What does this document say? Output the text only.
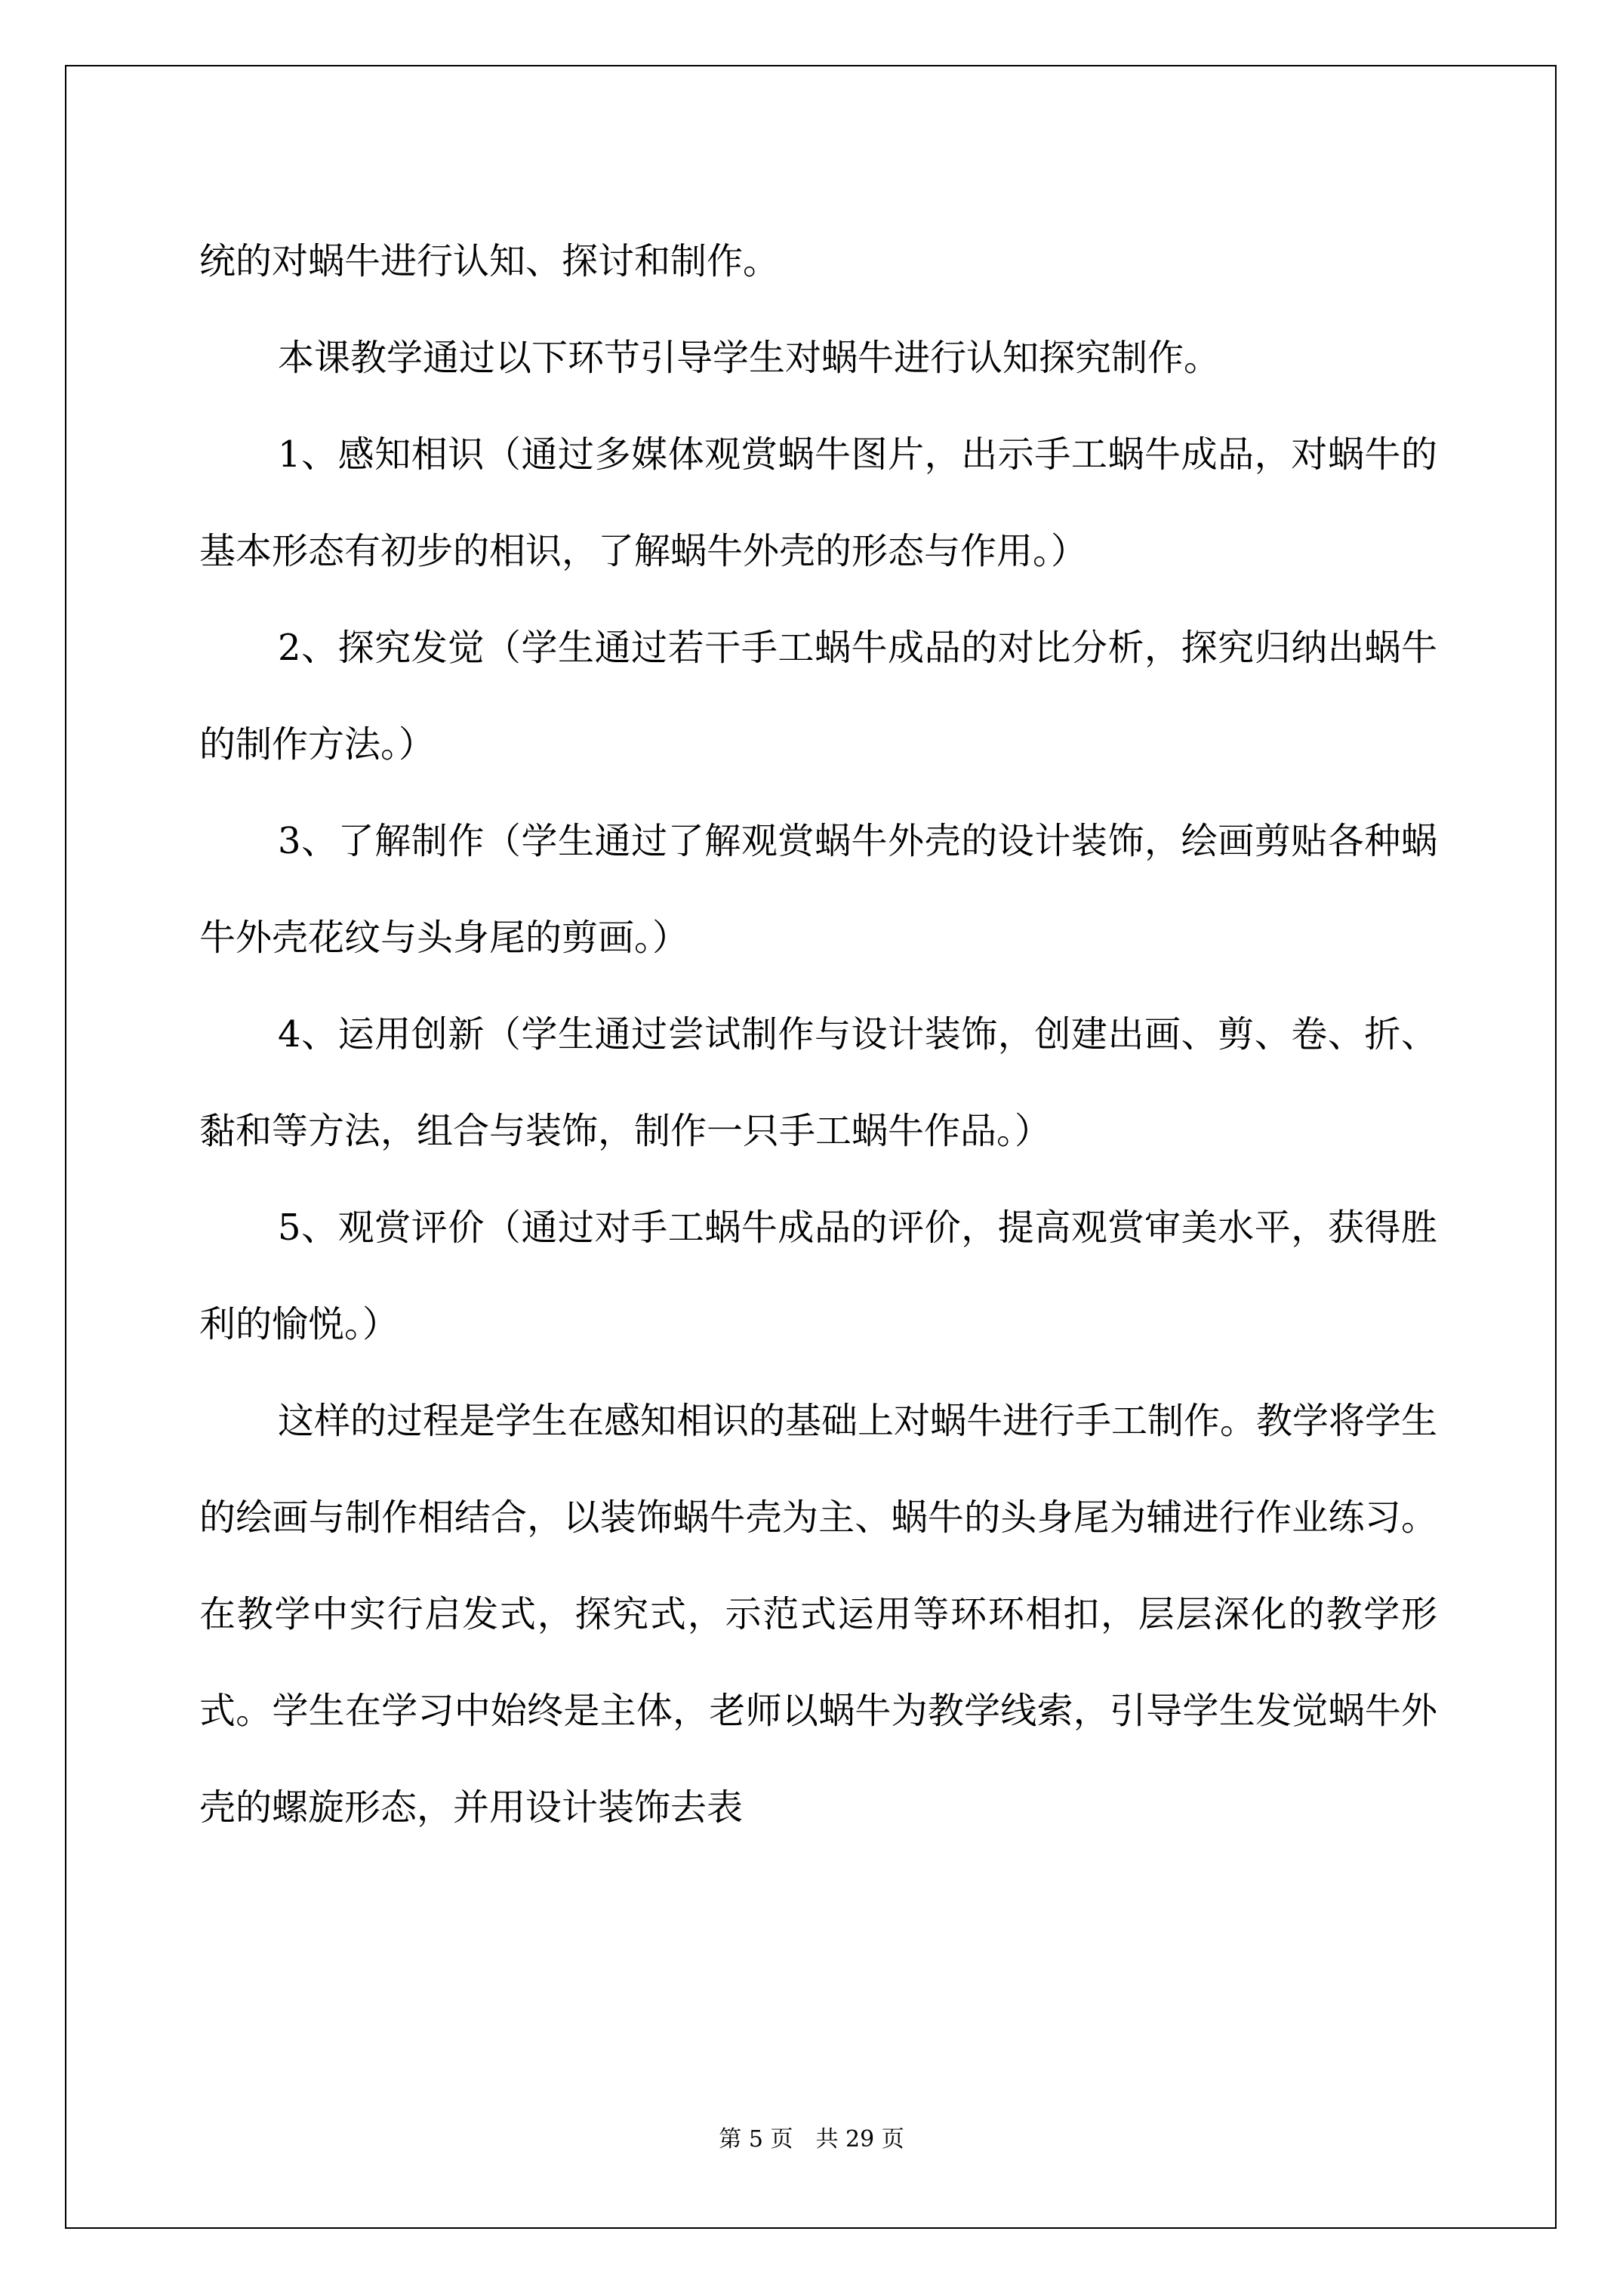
统的对蜗牛进行认知、探讨和制作。

本课教学通过以下环节引导学生对蜗牛进行认知探究制作。

1、感知相识（通过多媒体观赏蜗牛图片，出示手工蜗牛成品，对蜗牛的基本形态有初步的相识，了解蜗牛外壳的形态与作用。）

2、探究发觉（学生通过若干手工蜗牛成品的对比分析，探究归纳出蜗牛的制作方法。）

3、了解制作（学生通过了解观赏蜗牛外壳的设计装饰，绘画剪贴各种蜗牛外壳花纹与头身尾的剪画。）

4、运用创新（学生通过尝试制作与设计装饰，创建出画、剪、卷、折、黏和等方法，组合与装饰，制作一只手工蜗牛作品。）

5、观赏评价（通过对手工蜗牛成品的评价，提高观赏审美水平，获得胜利的愉悦。）

这样的过程是学生在感知相识的基础上对蜗牛进行手工制作。教学将学生的绘画与制作相结合，以装饰蜗牛壳为主、蜗牛的头身尾为辅进行作业练习。在教学中实行启发式，探究式，示范式运用等环环相扣，层层深化的教学形式。学生在学习中始终是主体，老师以蜗牛为教学线索，引导学生发觉蜗牛外壳的螺旋形态，并用设计装饰去表

第 5 页 共 29 页
